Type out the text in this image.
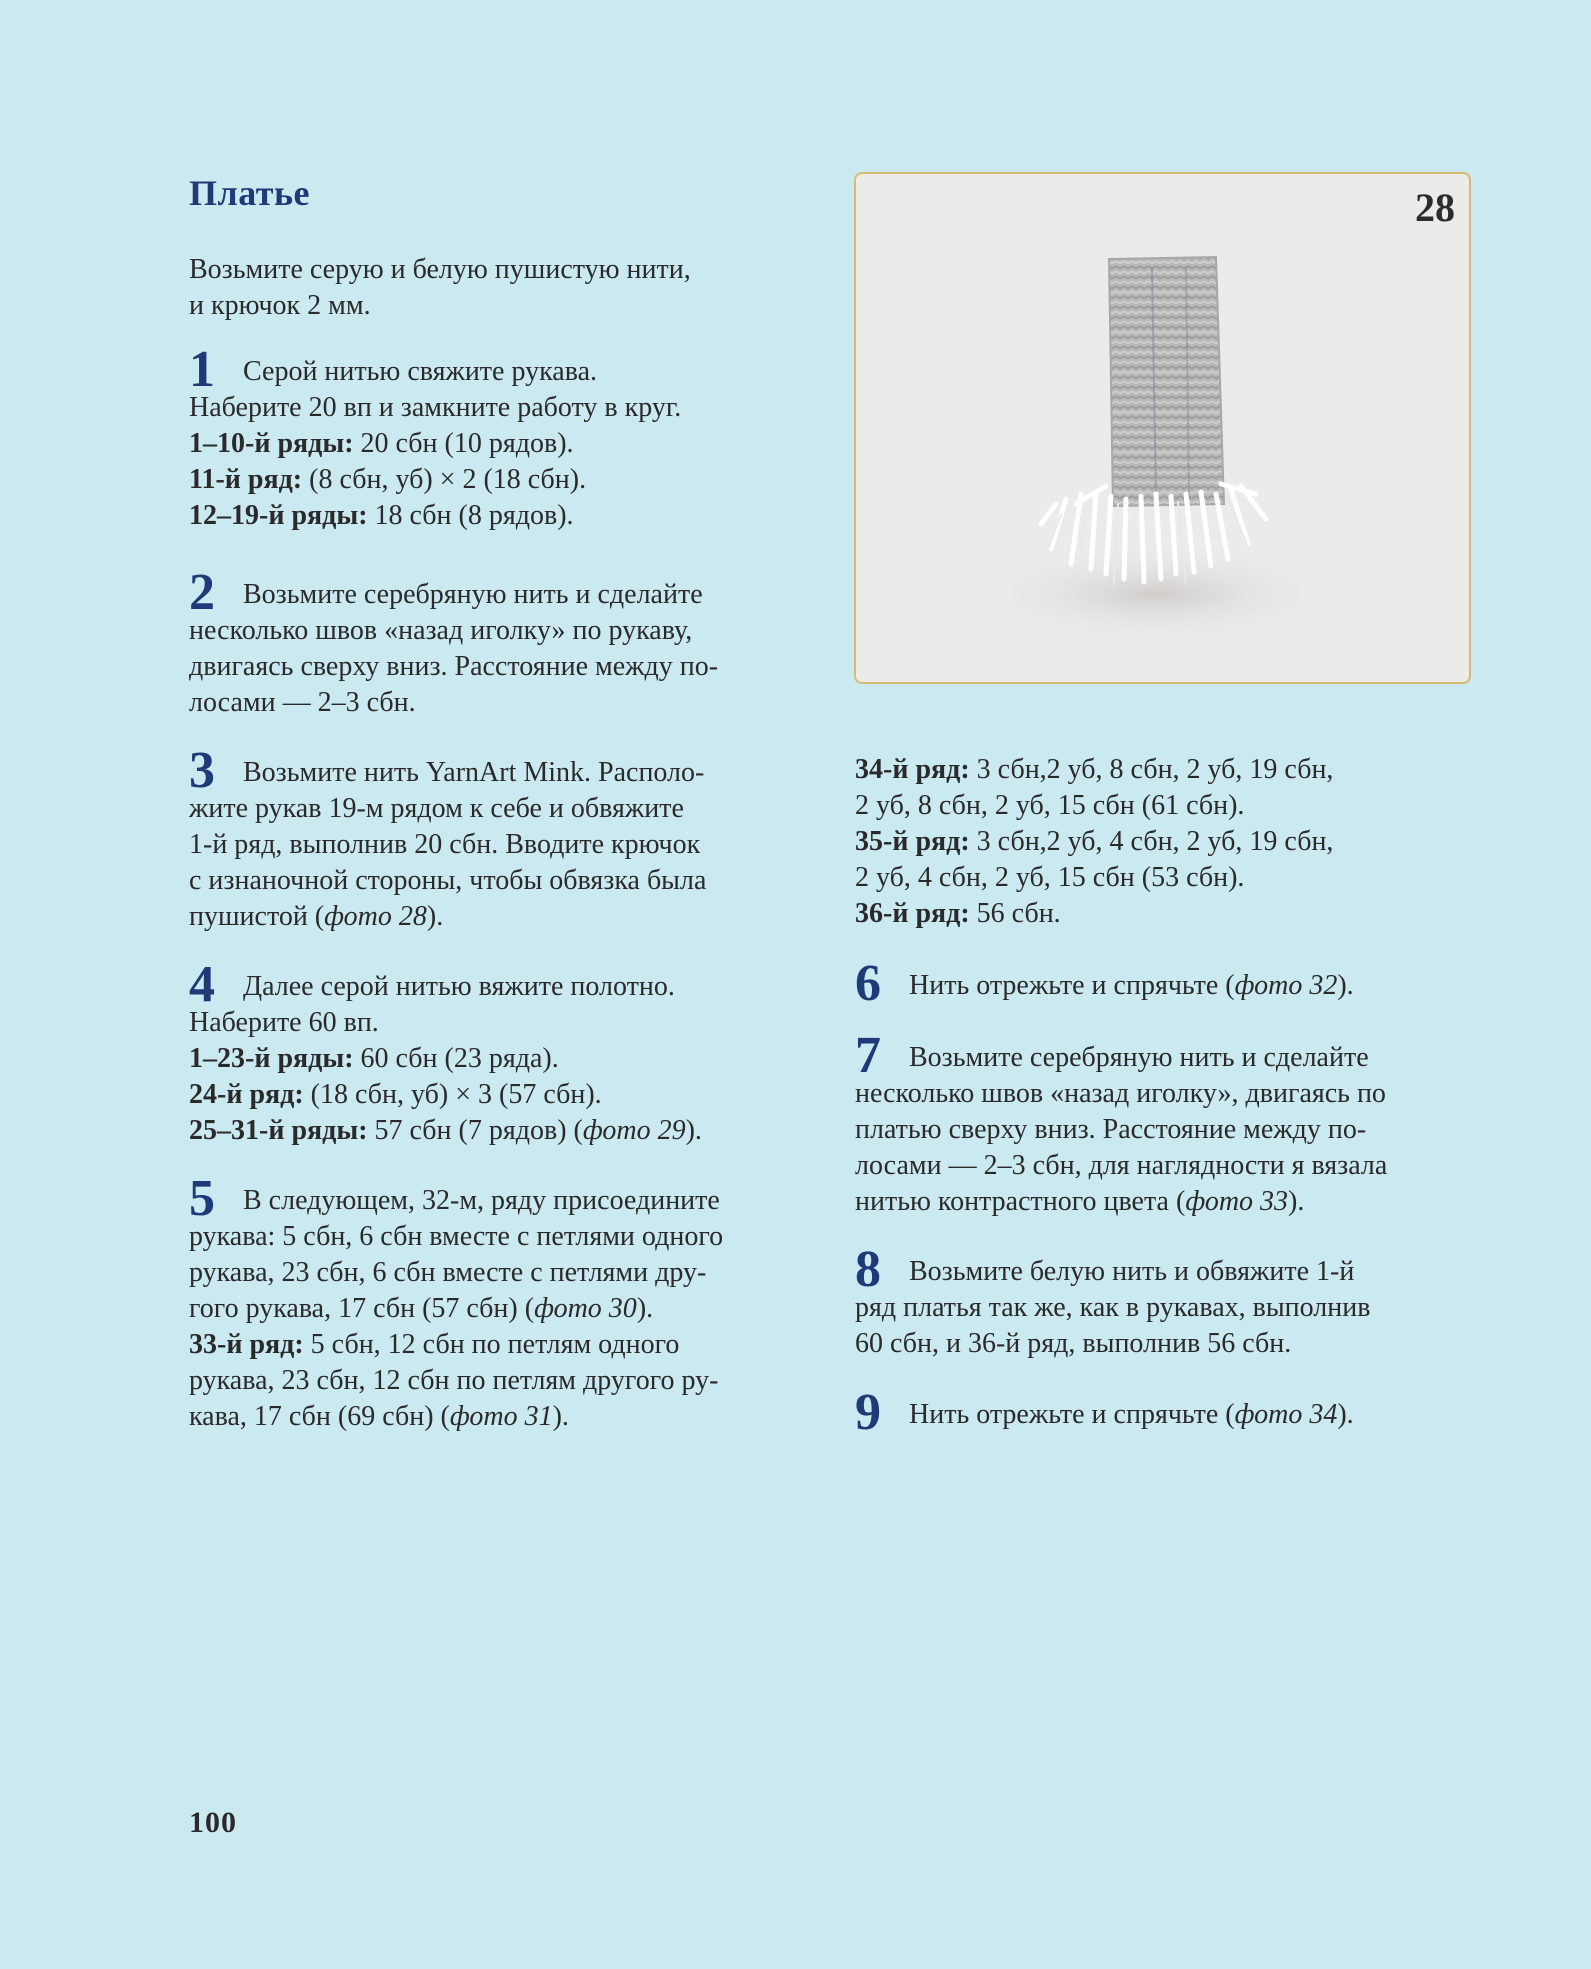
Платье
Возьмите серую и белую пушистую нити,
и крючок 2 мм.
1 Серой нитью свяжите рукава.
Наберите 20 вп и замкните работу в круг.
1–10-й ряды: 20 сбн (10 рядов).
11-й ряд: (8 сбн, уб) × 2 (18 сбн).
12–19-й ряды: 18 сбн (8 рядов).
2 Возьмите серебряную нить и сделайте
несколько швов «назад иголку» по рукаву,
двигаясь сверху вниз. Расстояние между по-
лосами — 2–3 сбн.
3 Возьмите нить YarnArt Mink. Располо-
жите рукав 19-м рядом к себе и обвяжите
1-й ряд, выполнив 20 сбн. Вводите крючок
с изнаночной стороны, чтобы обвязка была
пушистой (фото 28).
4 Далее серой нитью вяжите полотно.
Наберите 60 вп.
1–23-й ряды: 60 сбн (23 ряда).
24-й ряд: (18 сбн, уб) × 3 (57 сбн).
25–31-й ряды: 57 сбн (7 рядов) (фото 29).
5 В следующем, 32-м, ряду присоедините
рукава: 5 сбн, 6 сбн вместе с петлями одного
рукава, 23 сбн, 6 сбн вместе с петлями дру-
гого рукава, 17 сбн (57 сбн) (фото 30).
33-й ряд: 5 сбн, 12 сбн по петлям одного
рукава, 23 сбн, 12 сбн по петлям другого ру-
кава, 17 сбн (69 сбн) (фото 31).
28
34-й ряд: 3 сбн,2 уб, 8 сбн, 2 уб, 19 сбн,
2 уб, 8 сбн, 2 уб, 15 сбн (61 сбн).
35-й ряд: 3 сбн,2 уб, 4 сбн, 2 уб, 19 сбн,
2 уб, 4 сбн, 2 уб, 15 сбн (53 сбн).
36-й ряд: 56 сбн.
6 Нить отрежьте и спрячьте (фото 32).
7 Возьмите серебряную нить и сделайте
несколько швов «назад иголку», двигаясь по
платью сверху вниз. Расстояние между по-
лосами — 2–3 сбн, для наглядности я вязала
нитью контрастного цвета (фото 33).
8 Возьмите белую нить и обвяжите 1-й
ряд платья так же, как в рукавах, выполнив
60 сбн, и 36-й ряд, выполнив 56 сбн.
9 Нить отрежьте и спрячьте (фото 34).
100
